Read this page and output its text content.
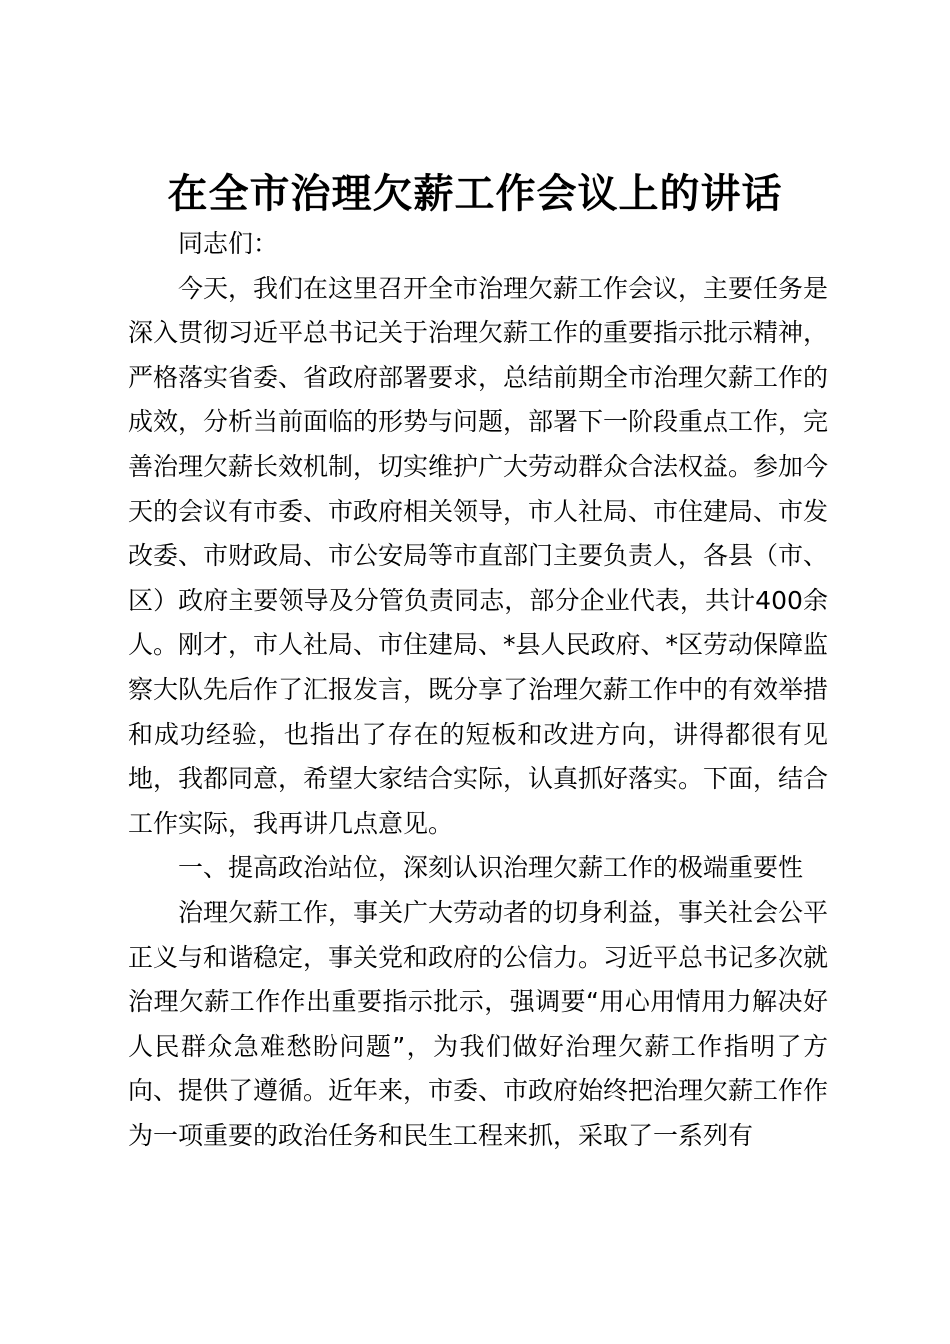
在全市治理欠薪工作会议上的讲话

同志们：

今天，我们在这里召开全市治理欠薪工作会议，主要任务是深入贯彻习近平总书记关于治理欠薪工作的重要指示批示精神，严格落实省委、省政府部署要求，总结前期全市治理欠薪工作的成效，分析当前面临的形势与问题，部署下一阶段重点工作，完善治理欠薪长效机制，切实维护广大劳动群众合法权益。参加今天的会议有市委、市政府相关领导，市人社局、市住建局、市发改委、市财政局、市公安局等市直部门主要负责人，各县（市、区）政府主要领导及分管负责同志，部分企业代表，共计400余人。刚才，市人社局、市住建局、*县人民政府、*区劳动保障监察大队先后作了汇报发言，既分享了治理欠薪工作中的有效举措和成功经验，也指出了存在的短板和改进方向，讲得都很有见地，我都同意，希望大家结合实际，认真抓好落实。下面，结合工作实际，我再讲几点意见。

一、提高政治站位，深刻认识治理欠薪工作的极端重要性

治理欠薪工作，事关广大劳动者的切身利益，事关社会公平正义与和谐稳定，事关党和政府的公信力。习近平总书记多次就治理欠薪工作作出重要指示批示，强调要“用心用情用力解决好人民群众急难愁盼问题”，为我们做好治理欠薪工作指明了方向、提供了遵循。近年来，市委、市政府始终把治理欠薪工作作为一项重要的政治任务和民生工程来抓，采取了一系列有
